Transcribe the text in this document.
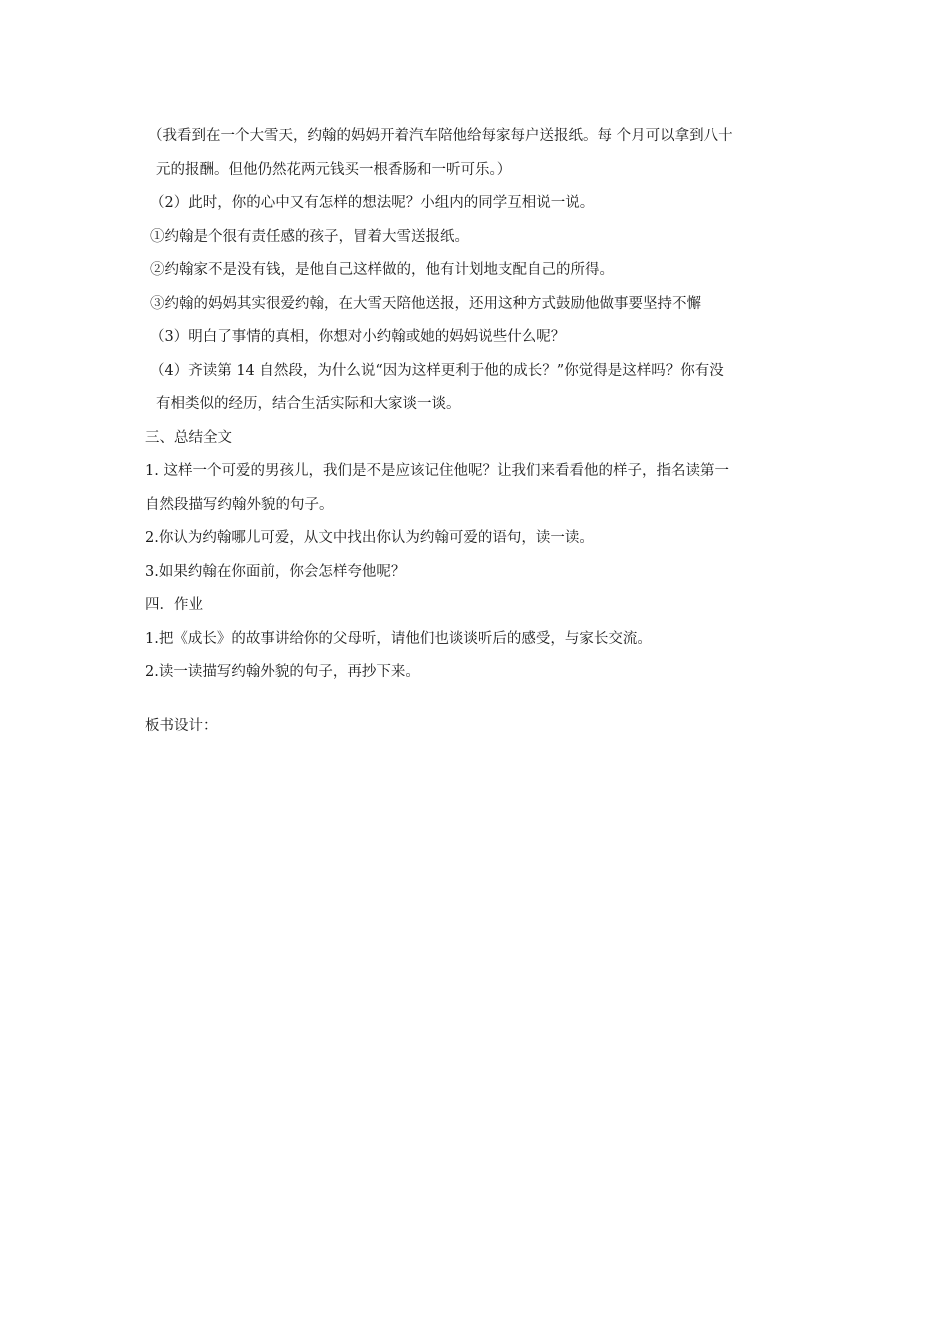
（我看到在一个大雪天，约翰的妈妈开着汽车陪他给每家每户送报纸。每 个月可以拿到八十

元的报酬。但他仍然花两元钱买一根香肠和一听可乐。）

（2）此时，你的心中又有怎样的想法呢？小组内的同学互相说一说。

①约翰是个很有责任感的孩子，冒着大雪送报纸。

②约翰家不是没有钱，是他自己这样做的，他有计划地支配自己的所得。

③约翰的妈妈其实很爱约翰，在大雪天陪他送报，还用这种方式鼓励他做事要坚持不懈

（3）明白了事情的真相，你想对小约翰或她的妈妈说些什么呢？

（4）齐读第 14 自然段，为什么说“因为这样更利于他的成长？”你觉得是这样吗？你有没

有相类似的经历，结合生活实际和大家谈一谈。

三、总结全文

1. 这样一个可爱的男孩儿，我们是不是应该记住他呢？让我们来看看他的样子，指名读第一

自然段描写约翰外貌的句子。

2.你认为约翰哪儿可爱，从文中找出你认为约翰可爱的语句，读一读。

3.如果约翰在你面前，你会怎样夸他呢？

四．作业

1.把《成长》的故事讲给你的父母听，请他们也谈谈听后的感受，与家长交流。

2.读一读描写约翰外貌的句子，再抄下来。

板书设计：
